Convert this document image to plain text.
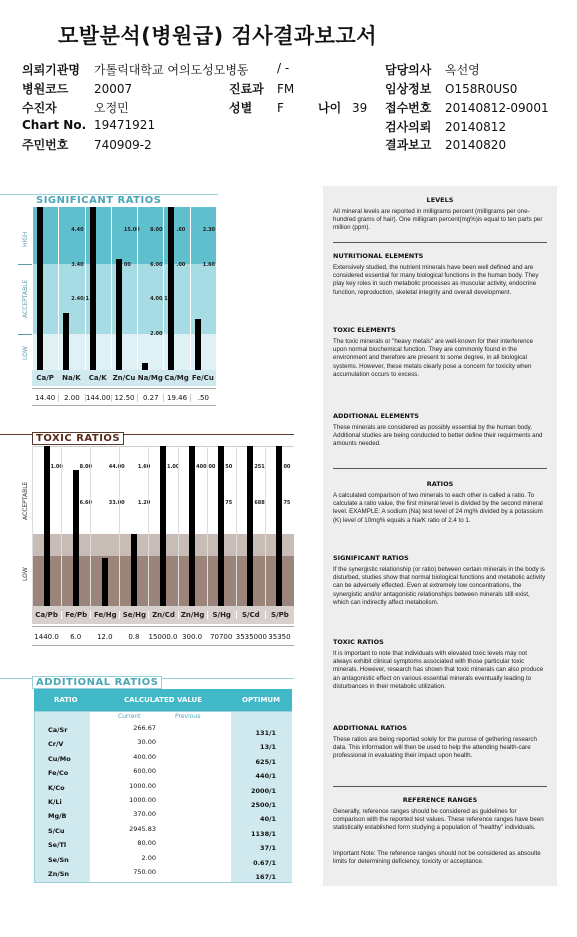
모발분석(병원급) 검사결과보고서
의뢰기관명 가톨릭대학교 여의도성모병동
병원코드 20007
수진자	오정민
Chart No. 19471921
주민번호 740909-2
/ -
진료과 FM
성별 F	나이 39
담당의사 옥선영
임상정보 O158R0US0
접수번호 20140812-09001
검사의뢰 20140812
결과보고 20140820
SIGNIFICANT RATIOS
HIGH
ACCEPTABLE
LOW
4.40
3.40
2.40/1
15.00
00
8.00
6.00
4.00/1
2.00
.60
.00
2.30
1.60
Ca/P	Na/K	Ca/K Zn/Cu Na/Mg Ca/Mg Fe/Cu
14.40	2.00 144.00 12.50	0.27	19.46	.50
TOXIC RATIOS
ACCEPTABLE
LOW
1.00	8.00
6.60
44.00
33.00
1.60
1.20
1.00	400.00 50
75
251
688
00
75
Ca/Pb	Fe/Pb Fe/Hg Se/Hg Zn/Cd Zn/Hg	S/Hg	S/Cd	S/Pb
1440.0	6.0	12.0	0.8	15000.0 300.0	70700 3535000 35350
ADDITIONAL RATIOS
RATIO	CALCULATED VALUE	OPTIMUM
Current	Previous
Ca/Sr	266.67
131/1
Cr/V	30.00
13/1
Cu/Mo	400.00
625/1
Fe/Co	600.00
440/1
K/Co	1000.00
2000/1
K/Li	1000.00
2500/1
Mg/B	370.00
40/1
S/Cu	2945.83
1138/1
Se/Tl	80.00
37/1
Se/Sn	2.00
0.67/1
Zn/Sn	750.00
167/1
LEVELS
All mineral levels are reported in milligrams percent (milligrams per one-hundred grams of hair). One milligram percent(mg%)is equal to ten parts per million (ppm).
NUTRITIONAL ELEMENTS
Extensively studied, the nutrient minerals have been well defined and are considered essential for many biological functions in the human body. They play key roles in such metabolic processes as muscular activity, endocrine function, reproduction, skeletal integrity and overall development.
TOXIC ELEMENTS
The toxic minerals or "heavy metals" are well-known for their interference upon normal biochemical function. They are commonly found in the environment and therefore are present to some degree, in all biological systems. However, these metals clearly pose a concern for toxicity when accumulation occurs to excess.
ADDITIONAL ELEMENTS
These minerals are considered as possibly essential by the human body. Additional studies are being conducted to better define their requirments and amounts needed.
RATIOS
A calculated comparison of two minerals to each other is called a ratio. To calculate a ratio value, the first mineral level is divided by the second mineral level. EXAMPLE: A sodium (Na) test level of 24 mg% divided by a potassium (K) level of 10mg% equals a Na/K ratio of 2.4 to 1.
SIGNIFICANT RATIOS
If the synergistic relationship (or ratio) between certain minerals in the body is disturbed, studies show that normal biological functions and metabolic activity can be adversely effected. Even at extremely low concentrations, the synergistic and/or antagonistic relationships between minerals still exist, which can indirectly affect metabolism.
TOXIC RATIOS
It is important to note that individuals with elevated toxic levels may not always exhibit clinical symptoms associated with those particular toxic minerals. However, research has shown that toxic minerals can also produce an antagonistic effect on various essential minerals eventually leading to disturbances in their metabolic utilization.
ADDITIONAL RATIOS
These ratios are being reported solely for the purose of gethering research data. This information will then be used to help the attending health-care professional in evaluating their impact upon health.
REFERENCE RANGES
Generally, reference ranges should be considered as guidelines for comparison with the reported test values. These reference ranges have been statistically established form studying a population of "healthy" individuals.
Important Note: The reference ranges should not be considered as absoulte limits for determining deficiency, toxicity or acceptance.
